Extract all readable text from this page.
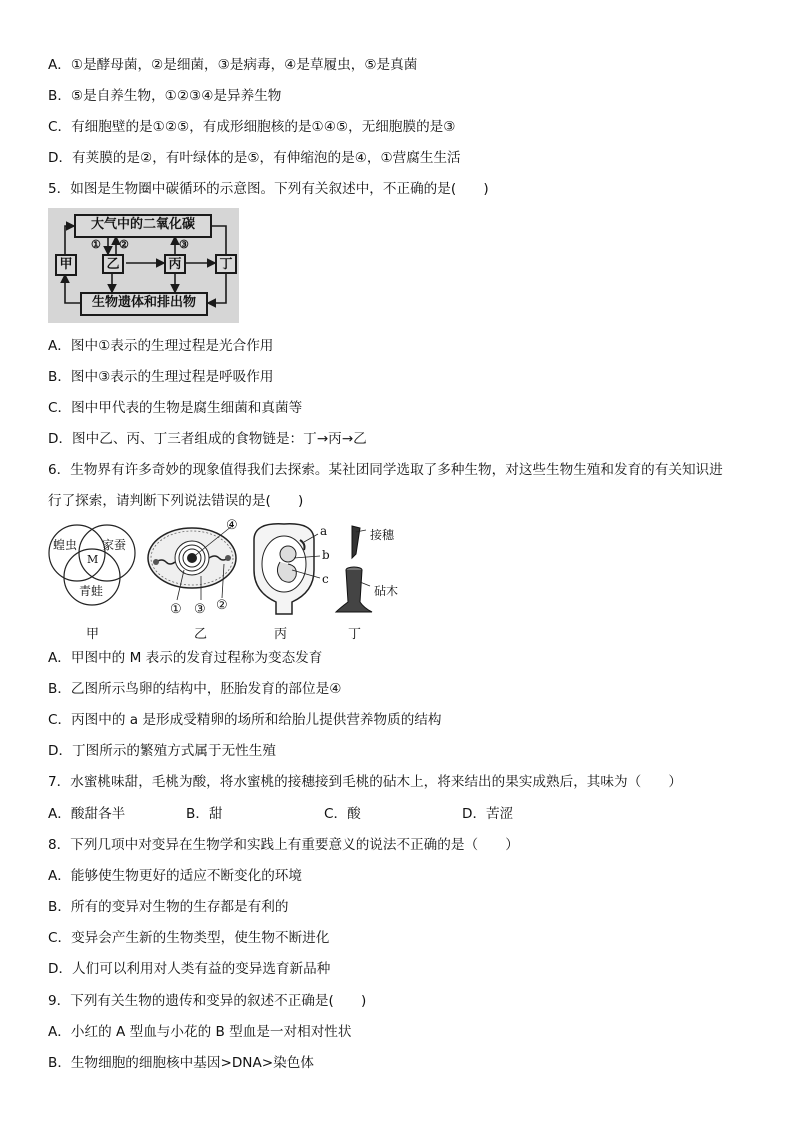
A．①是酵母菌，②是细菌，③是病毒，④是草履虫，⑤是真菌
B．⑤是自养生物，①②③④是异养生物
C．有细胞壁的是①②⑤，有成形细胞核的是①④⑤，无细胞膜的是③
D．有荚膜的是②，有叶绿体的是⑤，有伸缩泡的是④，①营腐生生活
5．如图是生物圈中碳循环的示意图。下列有关叙述中，不正确的是(　　)
大气中的二氧化碳
甲	乙	丙	丁
生物遗体和排出物
① ②	③
A．图中①表示的生理过程是光合作用
B．图中③表示的生理过程是呼吸作用
C．图中甲代表的生物是腐生细菌和真菌等
D．图中乙、丙、丁三者组成的食物链是：丁→丙→乙
6．生物界有许多奇妙的现象值得我们去探索。某社团同学选取了多种生物，对这些生物生殖和发育的有关知识进
行了探索，请判断下列说法错误的是(　　)
蝗虫 家蚕
青蛙
M
甲
④
① ③ ②
乙
a
b
c
丙
接穗
砧木
丁
A．甲图中的 M 表示的发育过程称为变态发育
B．乙图所示鸟卵的结构中，胚胎发育的部位是④
C．丙图中的 a 是形成受精卵的场所和给胎儿提供营养物质的结构
D．丁图所示的繁殖方式属于无性生殖
7．水蜜桃味甜，毛桃为酸，将水蜜桃的接穗接到毛桃的砧木上，将来结出的果实成熟后，其味为（　　）
A．酸甜各半	B．甜	C．酸	D．苦涩
8．下列几项中对变异在生物学和实践上有重要意义的说法不正确的是（　　）
A．能够使生物更好的适应不断变化的环境
B．所有的变异对生物的生存都是有利的
C．变异会产生新的生物类型，使生物不断进化
D．人们可以利用对人类有益的变异选育新品种
9．下列有关生物的遗传和变异的叙述不正确是(　　)
A．小红的 A 型血与小花的 B 型血是一对相对性状
B．生物细胞的细胞核中基因>DNA>染色体
